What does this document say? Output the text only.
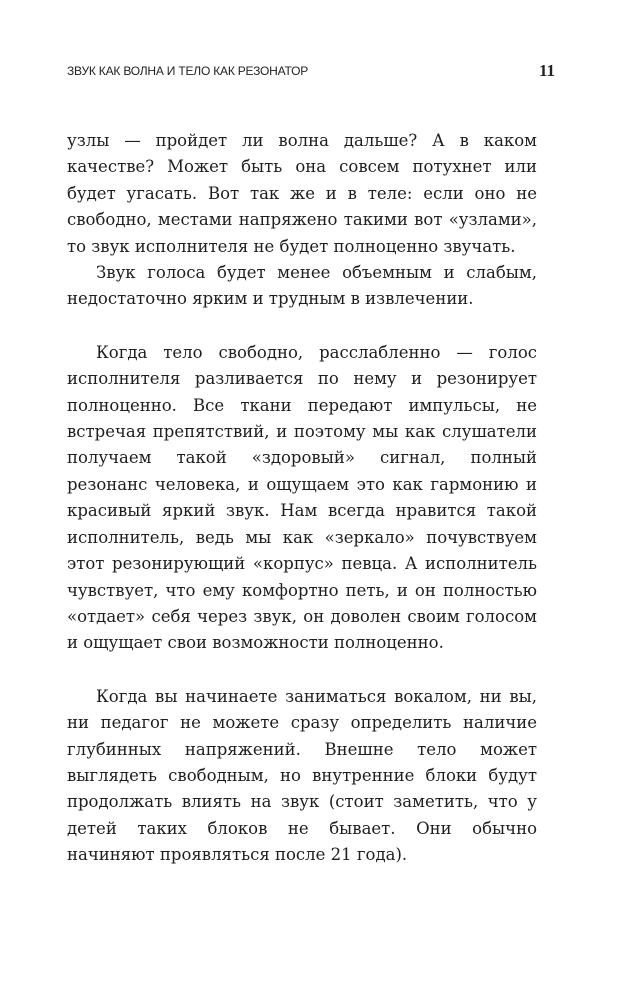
ЗВУК КАК ВОЛНА И ТЕЛО КАК РЕЗОНАТОР	11

узлы — пройдет ли волна дальше? А в каком качестве? Может быть она совсем потухнет или будет угасать. Вот так же и в теле: если оно не свободно, местами напряжено такими вот «узлами», то звук исполнителя не будет полноценно звучать.

Звук голоса будет менее объемным и слабым, недостаточно ярким и трудным в извлечении.

Когда тело свободно, расслабленно — голос исполнителя разливается по нему и резонирует полноценно. Все ткани передают импульсы, не встречая препятствий, и поэтому мы как слушатели получаем такой «здоровый» сигнал, полный резонанс человека, и ощущаем это как гармонию и красивый яркий звук. Нам всегда нравится такой исполнитель, ведь мы как «зеркало» почувствуем этот резонирующий «корпус» певца. А исполнитель чувствует, что ему комфортно петь, и он полностью «отдает» себя через звук, он доволен своим голосом и ощущает свои возможности полноценно.

Когда вы начинаете заниматься вокалом, ни вы, ни педагог не можете сразу определить наличие глубинных напряжений. Внешне тело может выглядеть свободным, но внутренние блоки будут продолжать влиять на звук (стоит заметить, что у детей таких блоков не бывает. Они обычно начиняют проявляться после 21 года).
